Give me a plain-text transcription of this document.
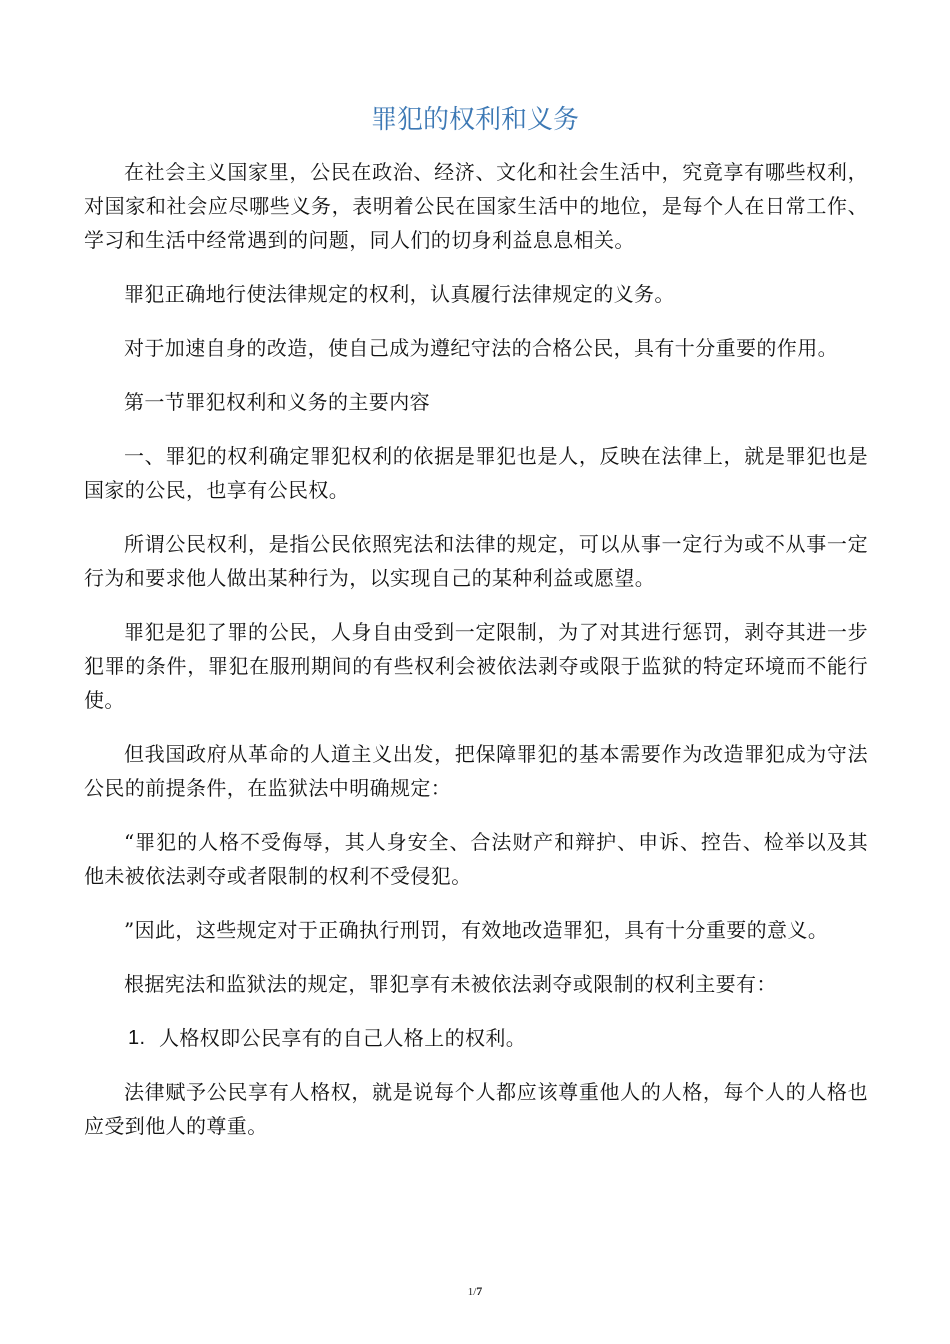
罪犯的权利和义务

在社会主义国家里，公民在政治、经济、文化和社会生活中，究竟享有哪些权利，对国家和社会应尽哪些义务，表明着公民在国家生活中的地位，是每个人在日常工作、学习和生活中经常遇到的问题，同人们的切身利益息息相关。

罪犯正确地行使法律规定的权利，认真履行法律规定的义务。

对于加速自身的改造，使自己成为遵纪守法的合格公民，具有十分重要的作用。

第一节罪犯权利和义务的主要内容

一、罪犯的权利确定罪犯权利的依据是罪犯也是人，反映在法律上，就是罪犯也是国家的公民，也享有公民权。

所谓公民权利，是指公民依照宪法和法律的规定，可以从事一定行为或不从事一定行为和要求他人做出某种行为，以实现自己的某种利益或愿望。

罪犯是犯了罪的公民，人身自由受到一定限制，为了对其进行惩罚，剥夺其进一步犯罪的条件，罪犯在服刑期间的有些权利会被依法剥夺或限于监狱的特定环境而不能行使。

但我国政府从革命的人道主义出发，把保障罪犯的基本需要作为改造罪犯成为守法公民的前提条件，在监狱法中明确规定：

“罪犯的人格不受侮辱，其人身安全、合法财产和辩护、申诉、控告、检举以及其他未被依法剥夺或者限制的权利不受侵犯。

”因此，这些规定对于正确执行刑罚，有效地改造罪犯，具有十分重要的意义。

根据宪法和监狱法的规定，罪犯享有未被依法剥夺或限制的权利主要有：

1. 人格权即公民享有的自己人格上的权利。

法律赋予公民享有人格权，就是说每个人都应该尊重他人的人格，每个人的人格也应受到他人的尊重。

1/7
